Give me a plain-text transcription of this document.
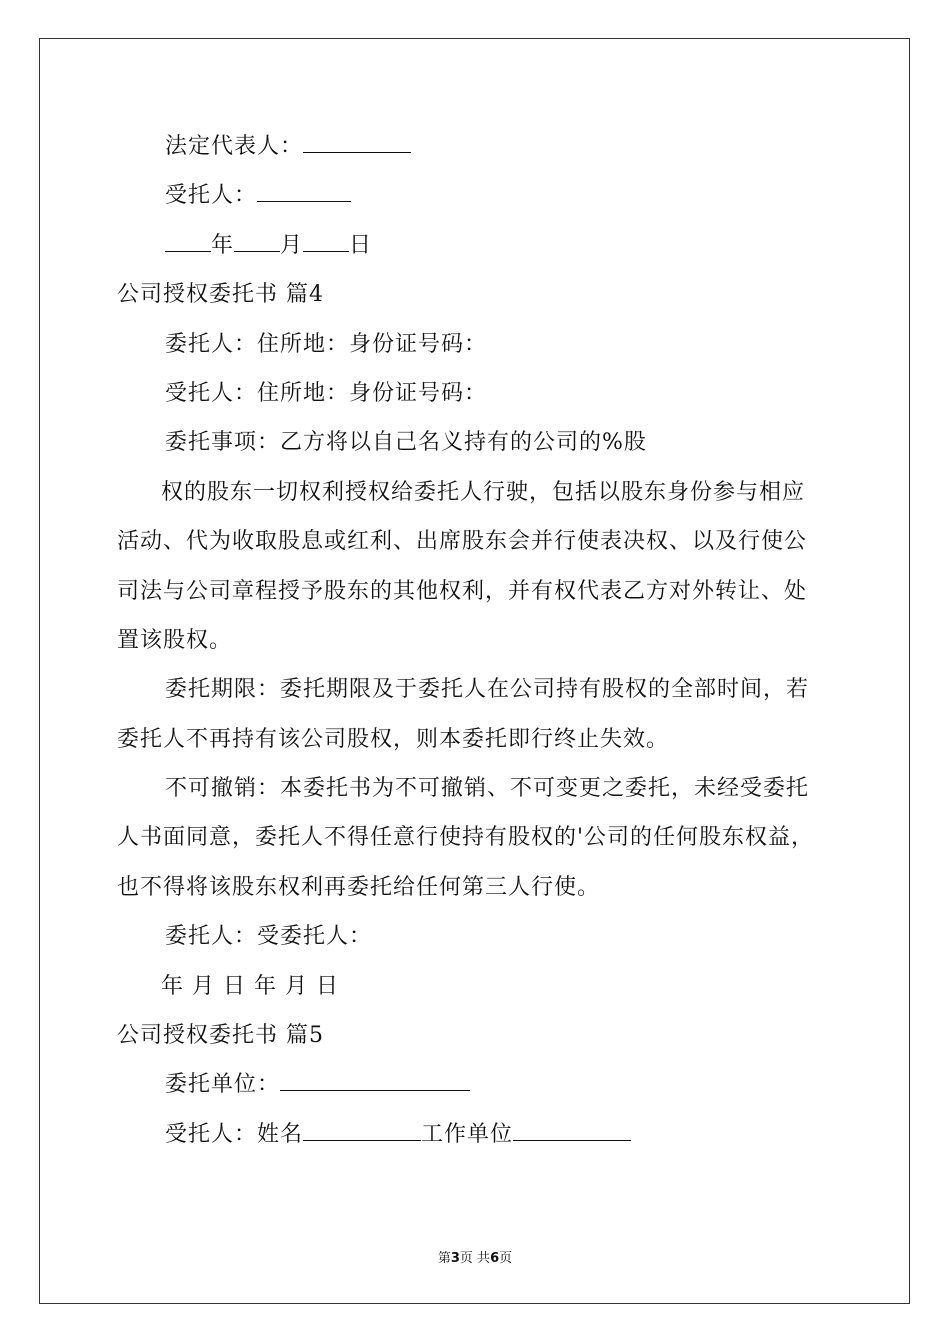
法定代表人：
受托人：
年 月 日
公司授权委托书 篇4
委托人：住所地：身份证号码：
受托人：住所地：身份证号码：
委托事项：乙方将以自己名义持有的公司的%股
权的股东一切权利授权给委托人行驶，包括以股东身份参与相应
活动、代为收取股息或红利、出席股东会并行使表决权、以及行使公
司法与公司章程授予股东的其他权利，并有权代表乙方对外转让、处
置该股权。
委托期限：委托期限及于委托人在公司持有股权的全部时间，若
委托人不再持有该公司股权，则本委托即行终止失效。
不可撤销：本委托书为不可撤销、不可变更之委托，未经受委托
人书面同意，委托人不得任意行使持有股权的'公司的任何股东权益，
也不得将该股东权利再委托给任何第三人行使。
委托人：受委托人：
年 月 日 年 月 日
公司授权委托书 篇5
委托单位：
受托人：姓名	工作单位
第3页 共6页
